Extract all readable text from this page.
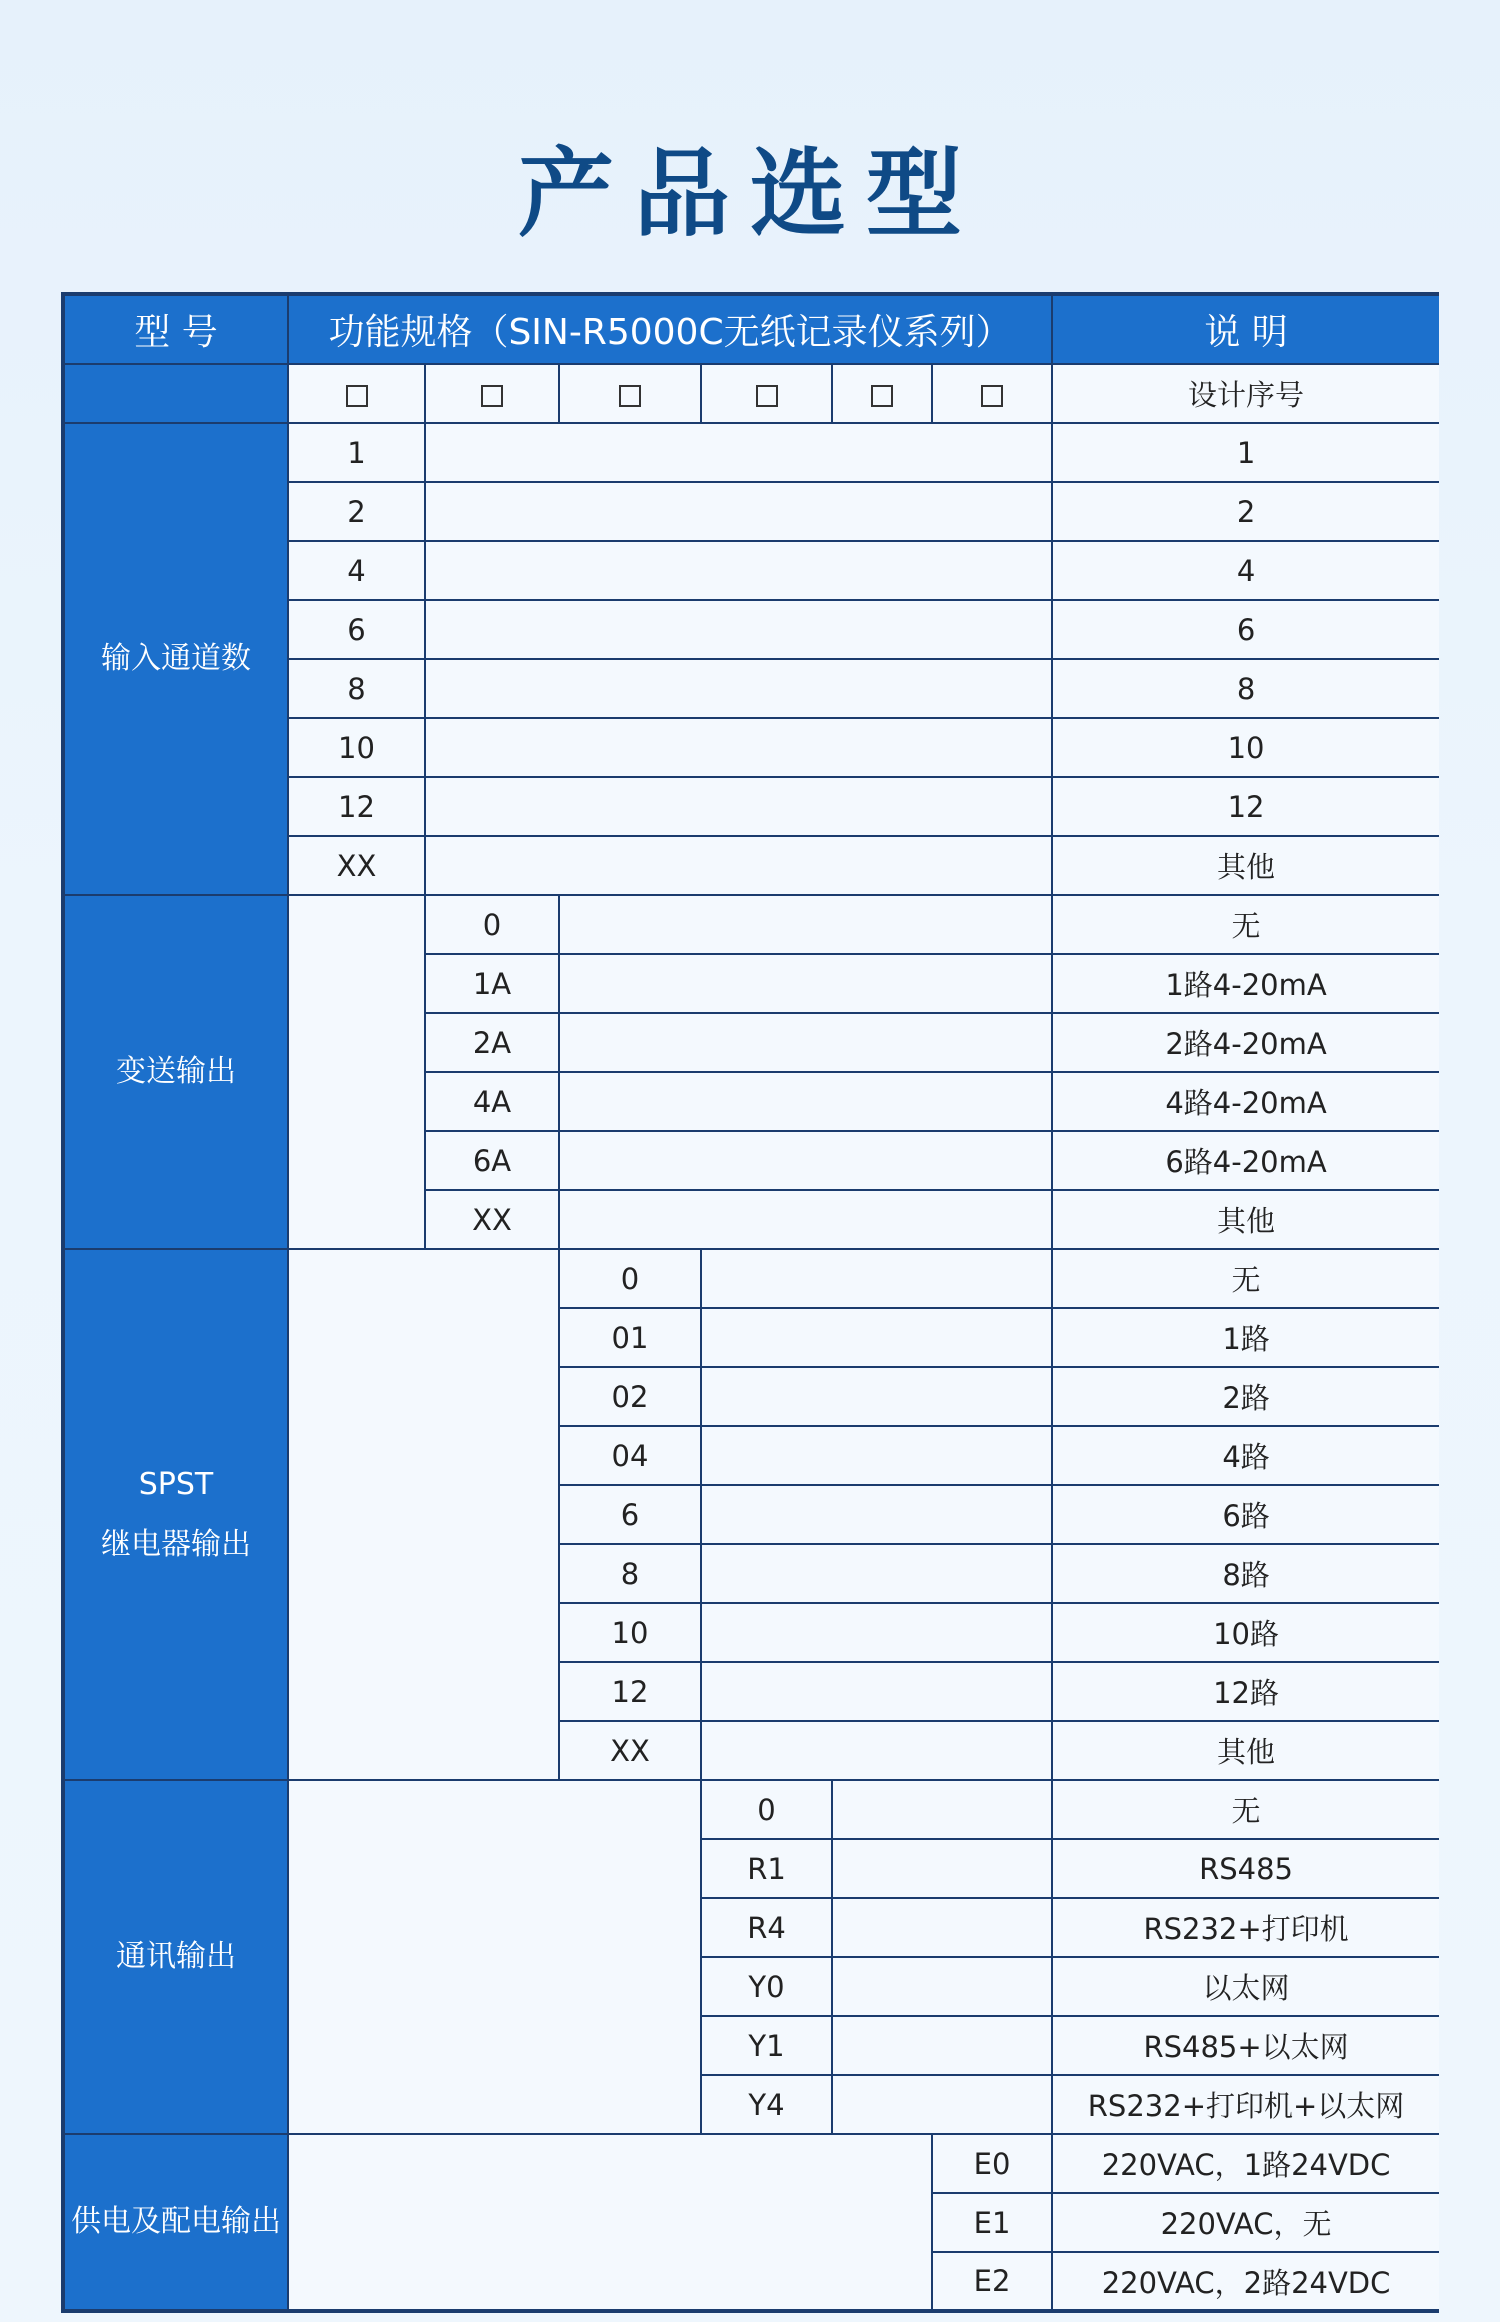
产品选型
型 号	功能规格（SIN-R5000C无纸记录仪系列）						说 明
							设计序号
输入通道数	1						1
	2						2
	4						4
	6						6
	8						8
	10						10
	12						12
	XX						其他
变送输出		0					无
		1A					1路4-20mA
		2A					2路4-20mA
		4A					4路4-20mA
		6A					6路4-20mA
		XX					其他

SPST
继电器输出			0				无
			01				1路
			02				2路
			04				4路
			6				6路
			8				8路
			10				10路
			12				12路
			XX				其他
通讯输出				0			无
				R1			RS485
				R4			RS232+打印机
				Y0			以太网
				Y1			RS485+以太网
				Y4			RS232+打印机+以太网
供电及配电输出						E0	220VAC，1路24VDC
						E1	220VAC，无
						E2	220VAC，2路24VDC
